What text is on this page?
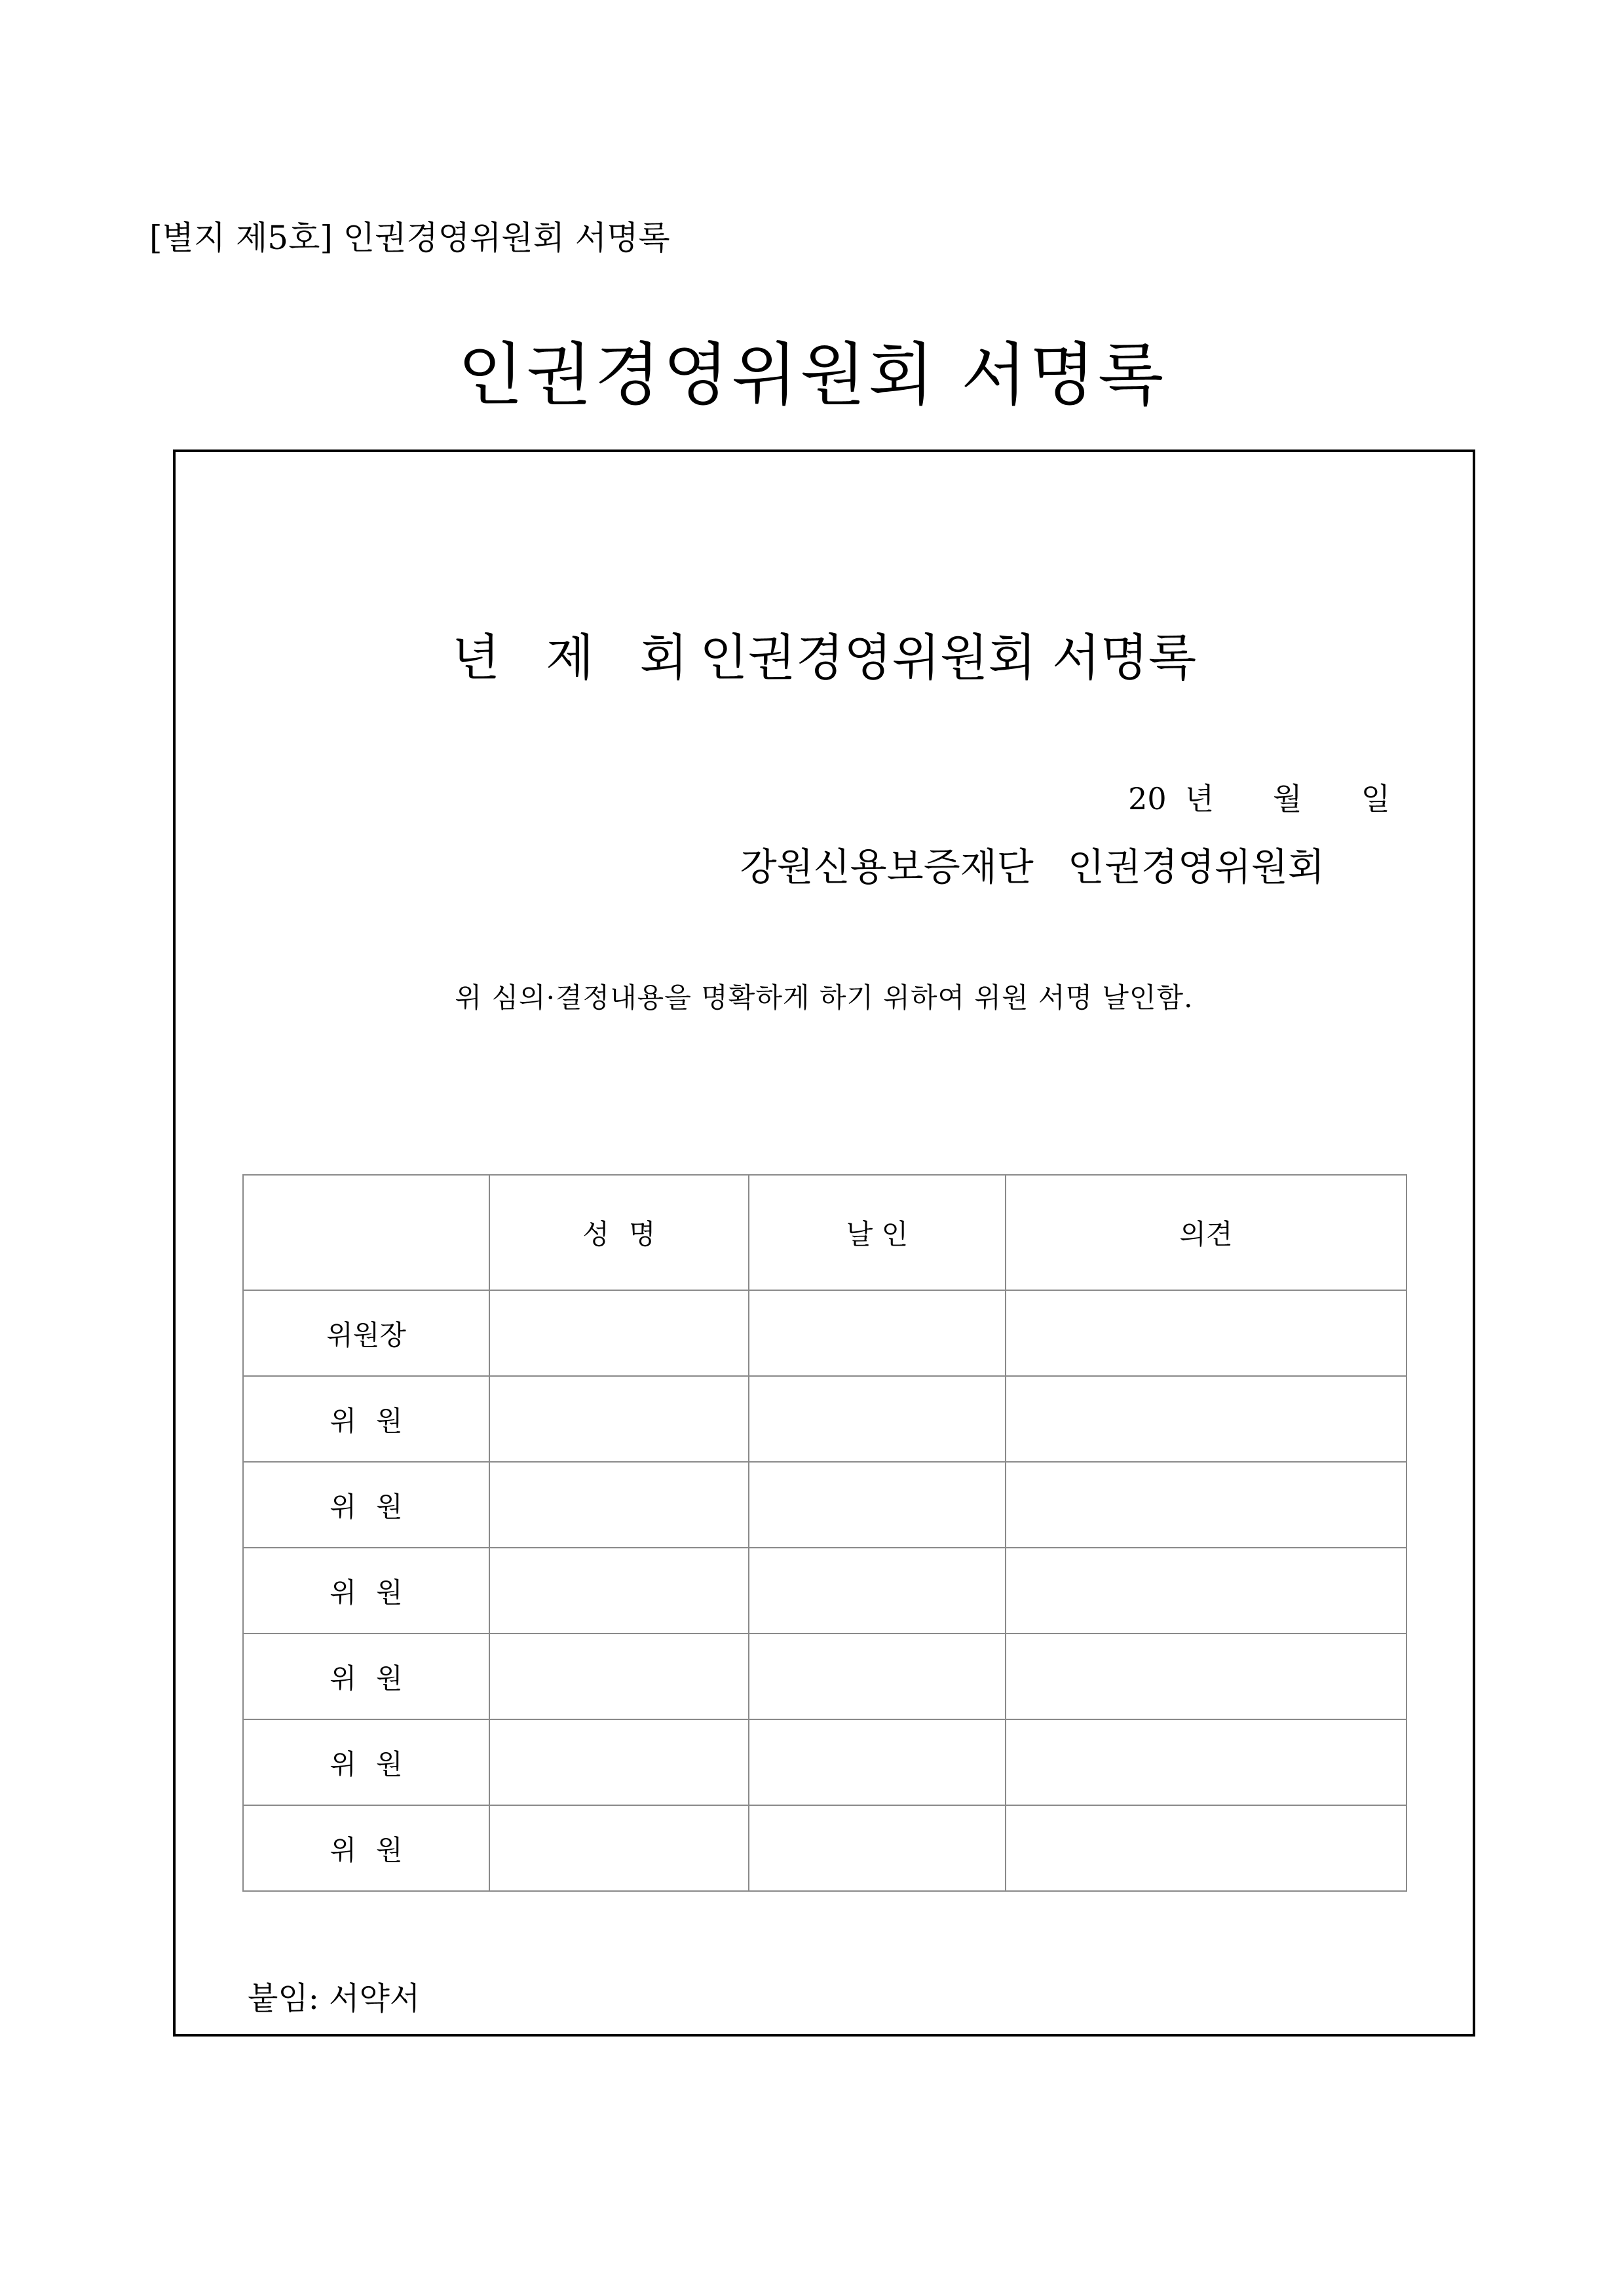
[별지 제5호] 인권경영위원회 서명록
인권경영위원회 서명록
년 제 회 인권경영위원회 서명록
20 년 월 일
강원신용보증재단 인권경영위원회
위 심의·결정내용을 명확하게 하기 위하여 위원 서명 날인함.
	성명	날 인	의견
위원장			
위원			
위원			
위원			
위원			
위원			
위원			
붙임: 서약서
